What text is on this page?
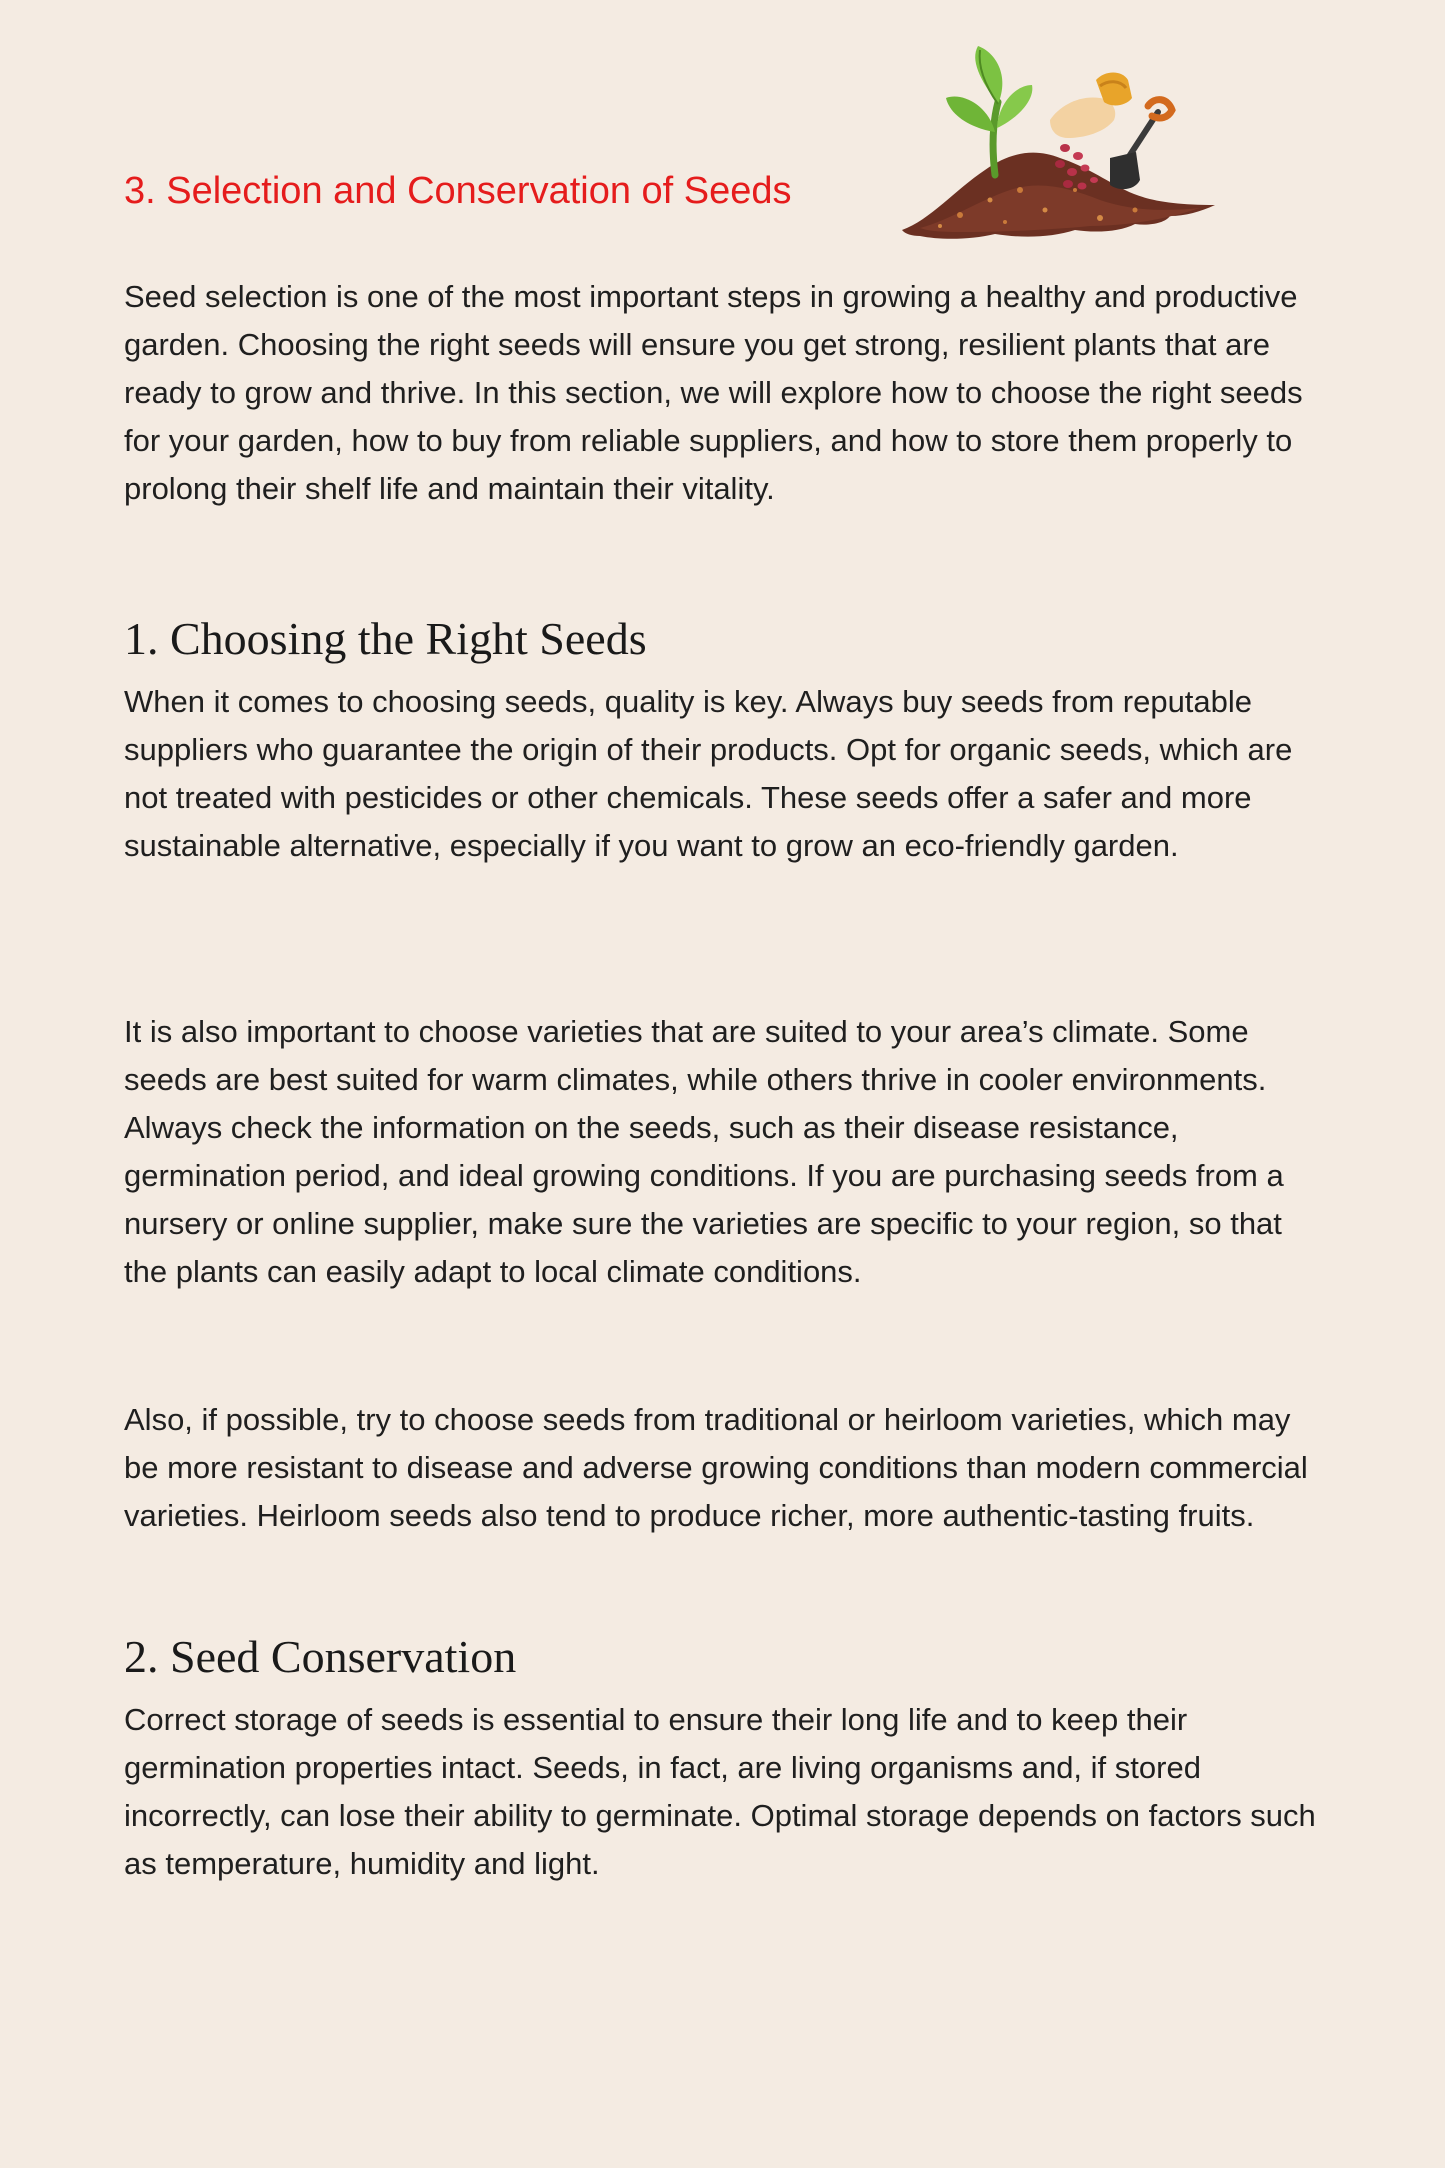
3. Selection and Conservation of Seeds

Seed selection is one of the most important steps in growing a healthy and productive garden. Choosing the right seeds will ensure you get strong, resilient plants that are ready to grow and thrive. In this section, we will explore how to choose the right seeds for your garden, how to buy from reliable suppliers, and how to store them properly to prolong their shelf life and maintain their vitality.

1. Choosing the Right Seeds

When it comes to choosing seeds, quality is key. Always buy seeds from reputable suppliers who guarantee the origin of their products. Opt for organic seeds, which are not treated with pesticides or other chemicals. These seeds offer a safer and more sustainable alternative, especially if you want to grow an eco-friendly garden.

It is also important to choose varieties that are suited to your area’s climate. Some seeds are best suited for warm climates, while others thrive in cooler environments. Always check the information on the seeds, such as their disease resistance, germination period, and ideal growing conditions. If you are purchasing seeds from a nursery or online supplier, make sure the varieties are specific to your region, so that the plants can easily adapt to local climate conditions.

Also, if possible, try to choose seeds from traditional or heirloom varieties, which may be more resistant to disease and adverse growing conditions than modern commercial varieties. Heirloom seeds also tend to produce richer, more authentic-tasting fruits.

2. Seed Conservation

Correct storage of seeds is essential to ensure their long life and to keep their germination properties intact. Seeds, in fact, are living organisms and, if stored incorrectly, can lose their ability to germinate. Optimal storage depends on factors such as temperature, humidity and light.
